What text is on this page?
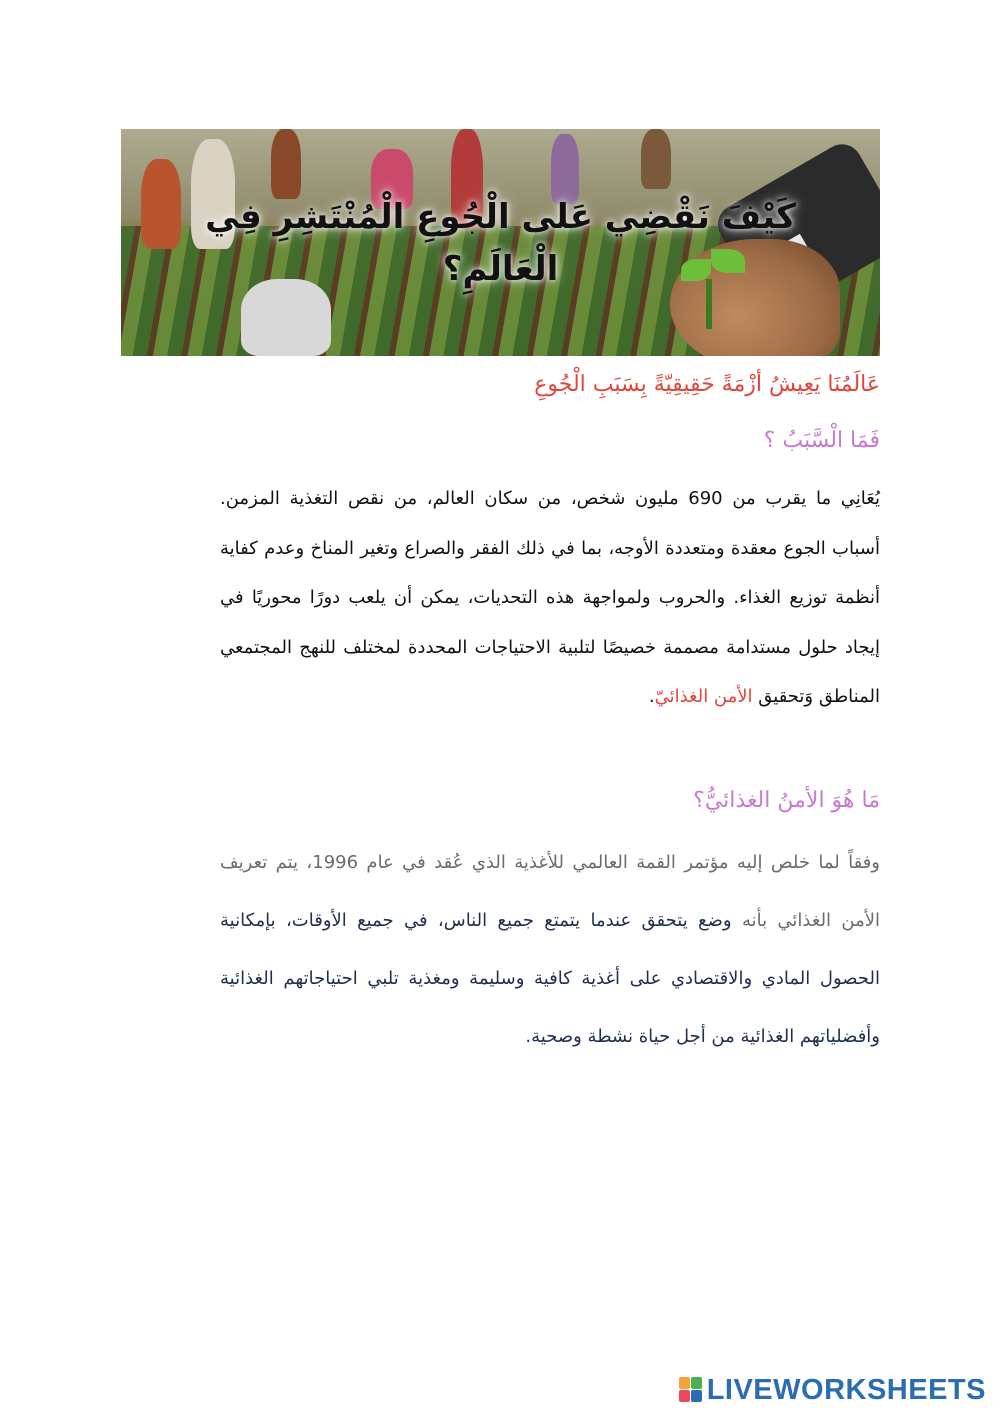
كَيْفَ نَقْضِي عَلى الْجُوعِ الْمُنْتَشِرِ فِي الْعَالَمِ؟
عَالَمُنَا يَعِيشُ أزْمَةً حَقِيقِيّةً بِسَبَبِ الْجُوعِ
فَمَا الْسَّبَبُ ؟
يُعَانِي ما يقرب من 690 مليون شخص، من سكان العالم، من نقص التغذية المزمن. أسباب الجوع معقدة ومتعددة الأوجه، بما في ذلك الفقر والصراع وتغير المناخ وعدم كفاية أنظمة توزيع الغذاء. والحروب ولمواجهة هذه التحديات، يمكن أن يلعب دورًا محوريًا في إيجاد حلول مستدامة مصممة خصيصًا لتلبية الاحتياجات المحددة لمختلف للنهج المجتمعي المناطق وَتحقيق الأمن الغذائيّ.
مَا هُوَ الأمنُ الغذائيُّ؟
وفقاً لما خلص إليه مؤتمر القمة العالمي للأغذية الذي عُقد في عام 1996، يتم تعريف الأمن الغذائي بأنه وضع يتحقق عندما يتمتع جميع الناس، في جميع الأوقات، بإمكانية الحصول المادي والاقتصادي على أغذية كافية وسليمة ومغذية تلبي احتياجاتهم الغذائية وأفضلياتهم الغذائية من أجل حياة نشطة وصحية.
LIVEWORKSHEETS
